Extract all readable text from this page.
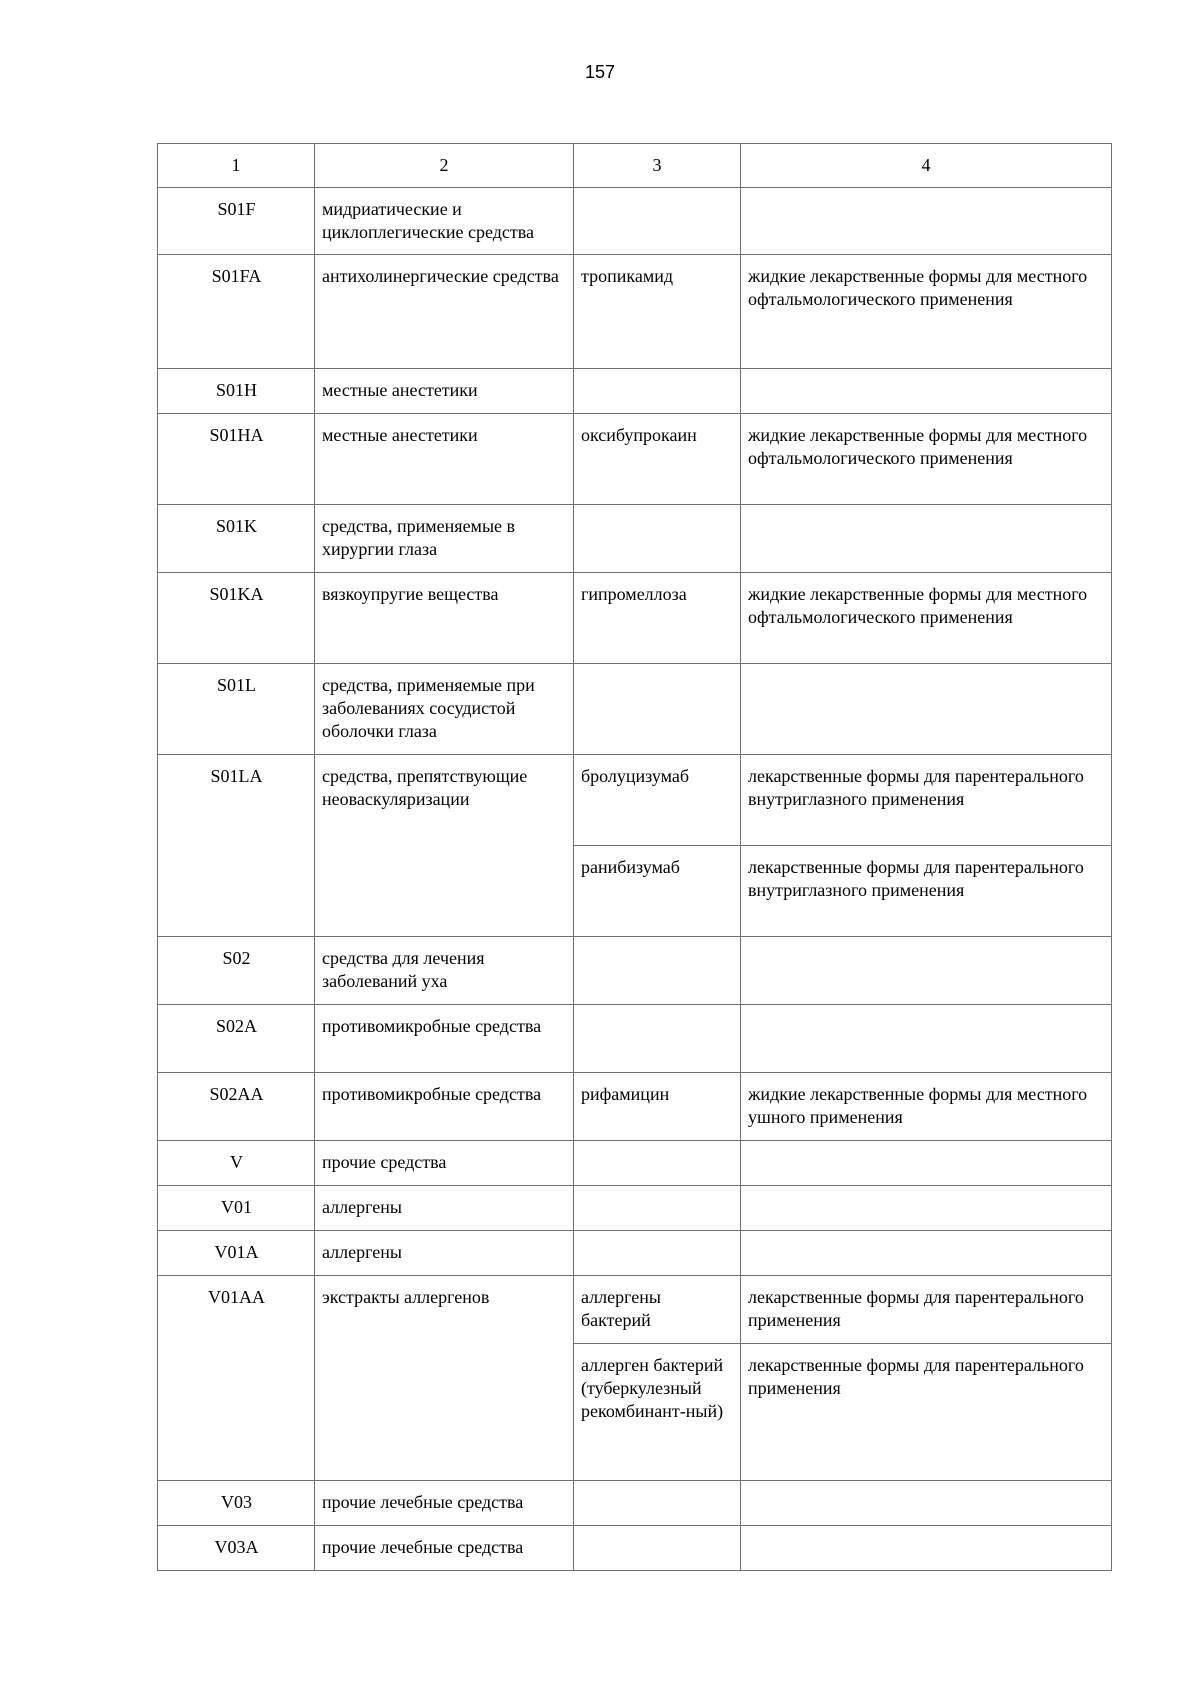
157
1	2	3	4
S01F	мидриатические и циклоплегические средства		
S01FA	антихолинергические средства	тропикамид	жидкие лекарственные формы для местного офтальмологического применения
S01H	местные анестетики		
S01HA	местные анестетики	оксибупрокаин	жидкие лекарственные формы для местного офтальмологического применения
S01K	средства, применяемые в хирургии глаза		
S01KA	вязкоупругие вещества	гипромеллоза	жидкие лекарственные формы для местного офтальмологического применения
S01L	средства, применяемые при заболеваниях сосудистой оболочки глаза		
S01LA	средства, препятствующие неоваскуляризации	бролуцизумаб	лекарственные формы для парентерального внутриглазного применения
		ранибизумаб	лекарственные формы для парентерального внутриглазного применения
S02	средства для лечения заболеваний уха		
S02A	противомикробные средства		
S02AA	противомикробные средства	рифамицин	жидкие лекарственные формы для местного ушного применения
V	прочие средства		
V01	аллергены		
V01A	аллергены		
V01AA	экстракты аллергенов	аллергены бактерий	лекарственные формы для парентерального применения
		аллерген бактерий (туберкулезный рекомбинант-ный)	лекарственные формы для парентерального применения
V03	прочие лечебные средства		
V03A	прочие лечебные средства		
